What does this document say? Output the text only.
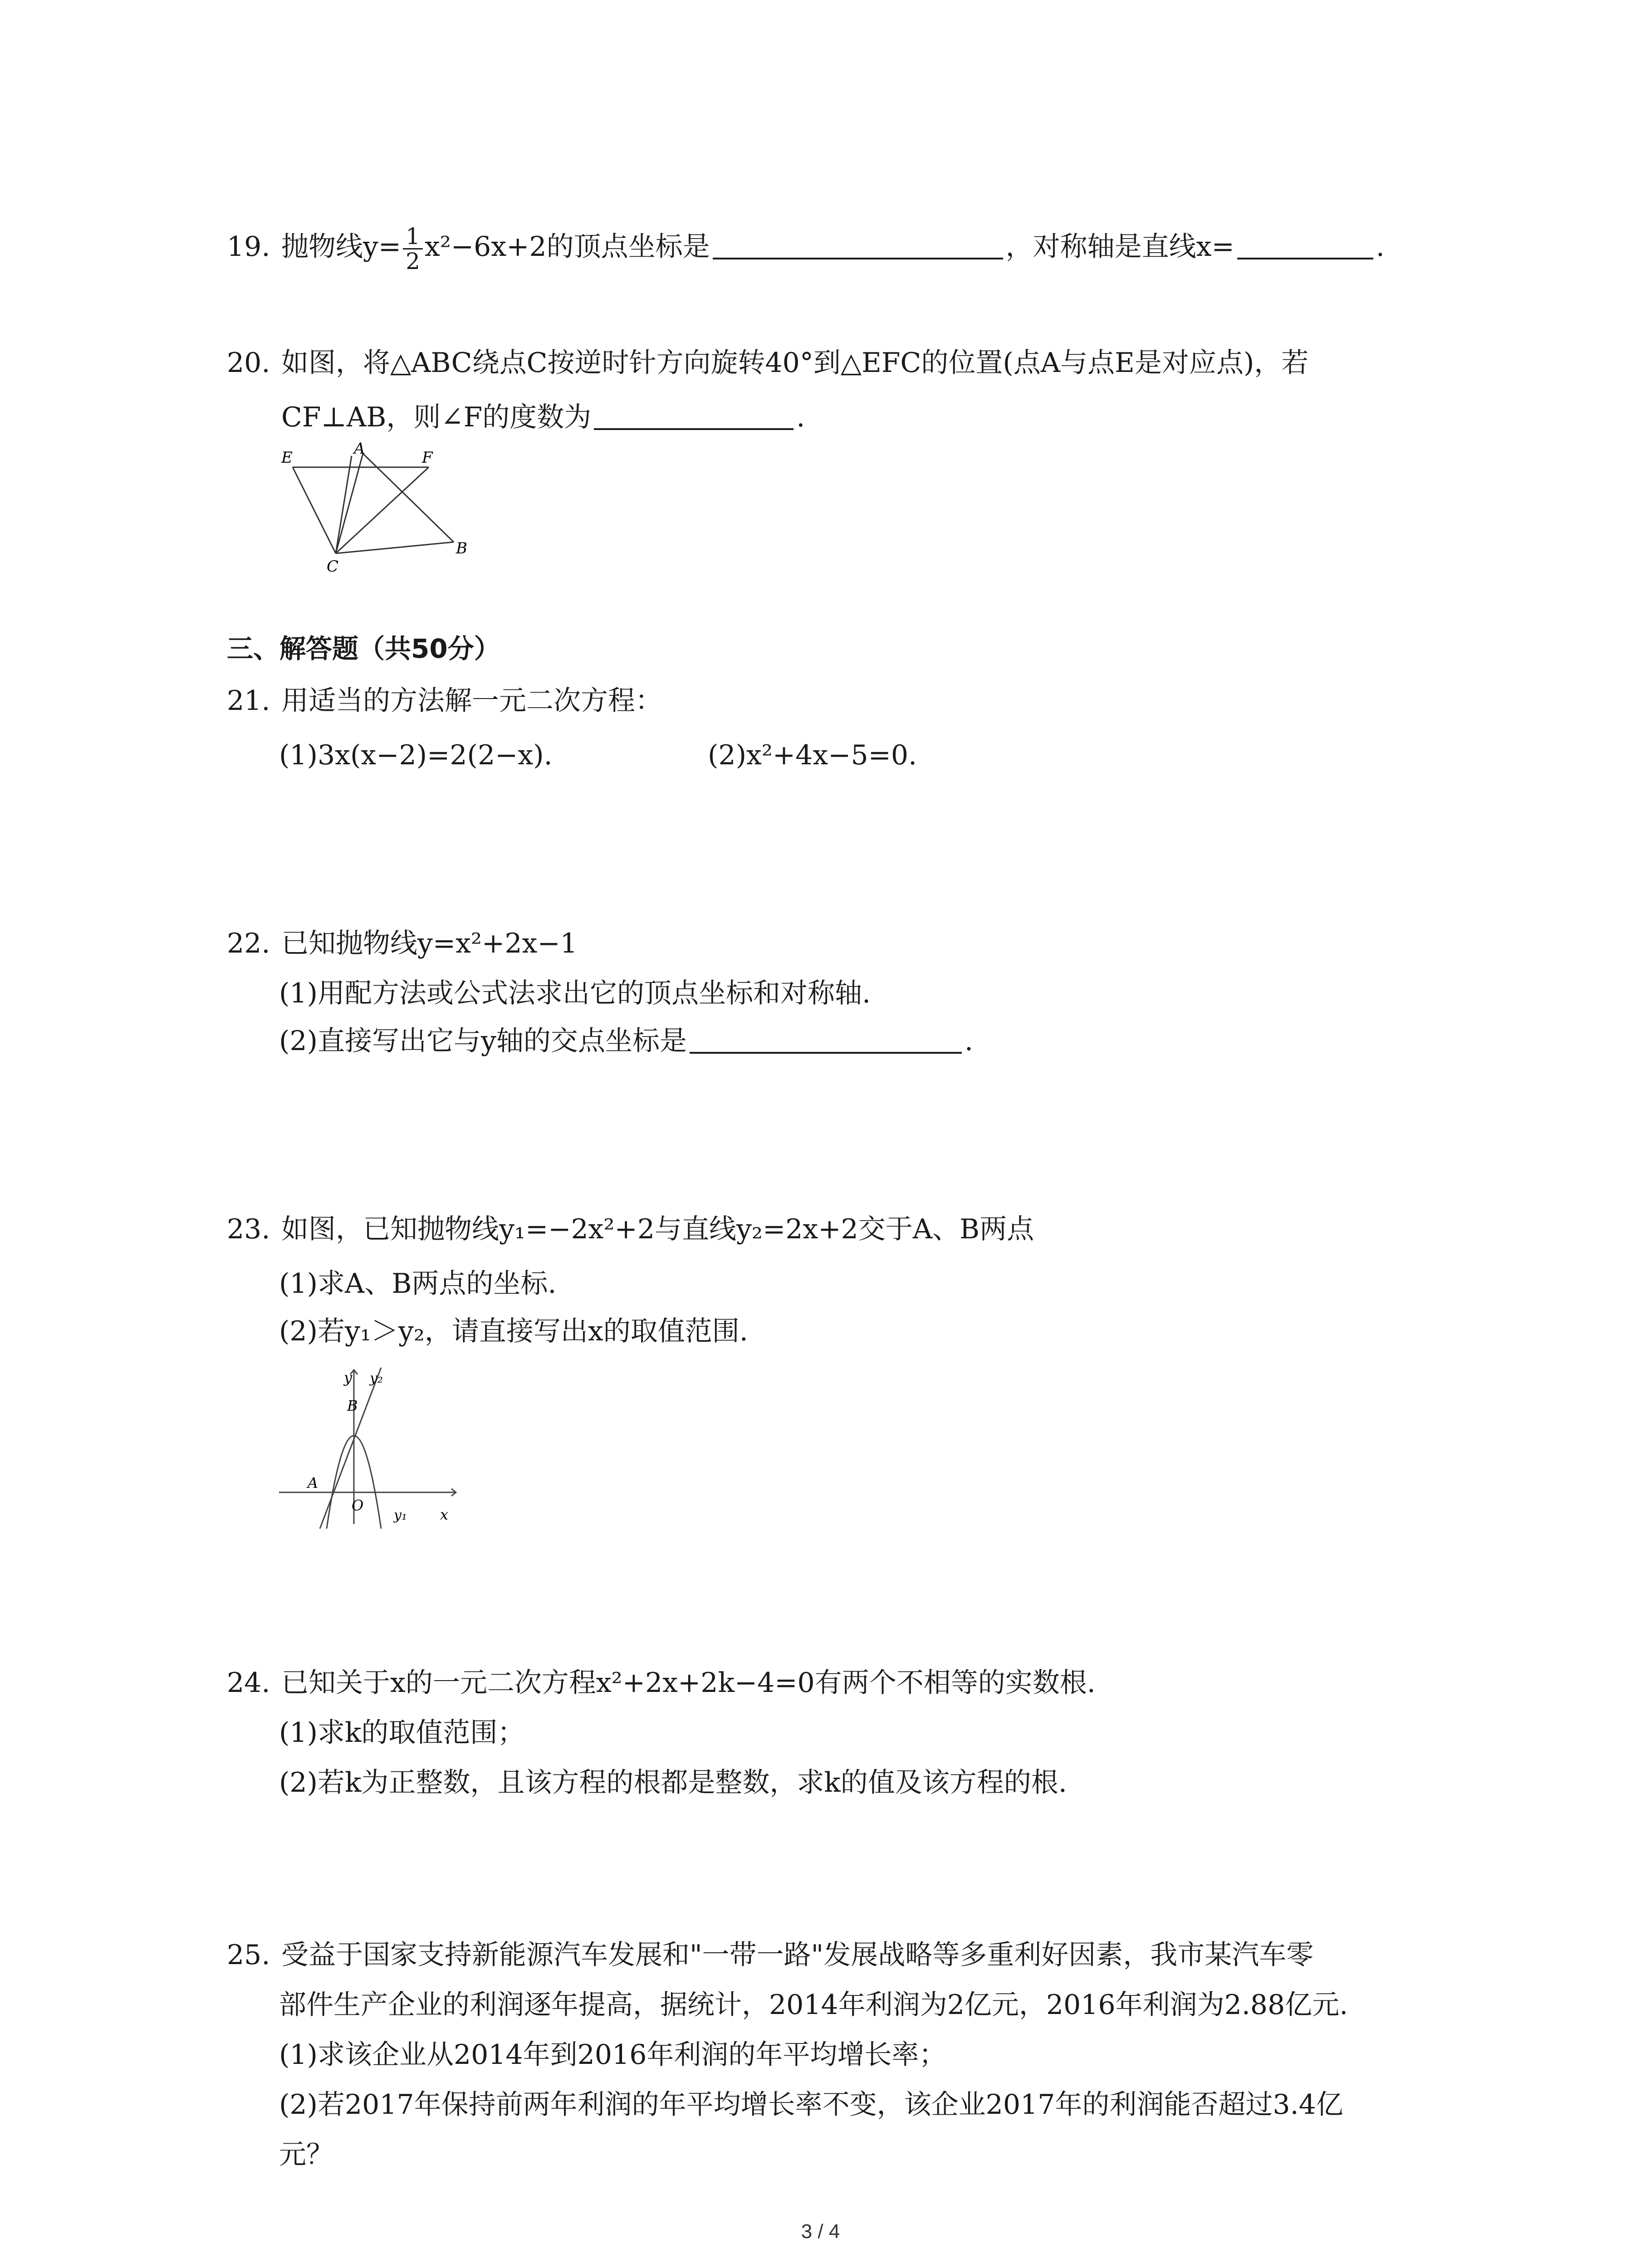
19. 抛物线$y= \frac{1}{2} x^2-6x+2$的顶点坐标是	，对称轴是直线x=	.
20. 如图，将△ABC绕点C按逆时针方向旋转40°到△EFC的位置(点A与点E是对应点)，若
CF⊥AB，则∠F的度数为	.
E	A	F
C
B
三、解答题（共50分）
21. 用适当的方法解一元二次方程：
(1)3x(x−2)=2(2−x).	(2)x²+4x−5=0.
22. 已知抛物线y=x²+2x−1
(1)用配方法或公式法求出它的顶点坐标和对称轴.
(2)直接写出它与y轴的交点坐标是	.
23. 如图，已知抛物线y₁=−2x²+2与直线y₂=2x+2交于A、B两点
(1)求A、B两点的坐标.
(2)若y₁＞y₂，请直接写出x的取值范围.
y y₂
B
A
O
y₁ x
24. 已知关于x的一元二次方程x²+2x+2k−4=0有两个不相等的实数根.
(1)求k的取值范围；
(2)若k为正整数，且该方程的根都是整数，求k的值及该方程的根.
25. 受益于国家支持新能源汽车发展和"一带一路"发展战略等多重利好因素，我市某汽车零
部件生产企业的利润逐年提高，据统计，2014年利润为2亿元，2016年利润为2.88亿元.
(1)求该企业从2014年到2016年利润的年平均增长率；
(2)若2017年保持前两年利润的年平均增长率不变，该企业2017年的利润能否超过3.4亿
元？
3 / 4
